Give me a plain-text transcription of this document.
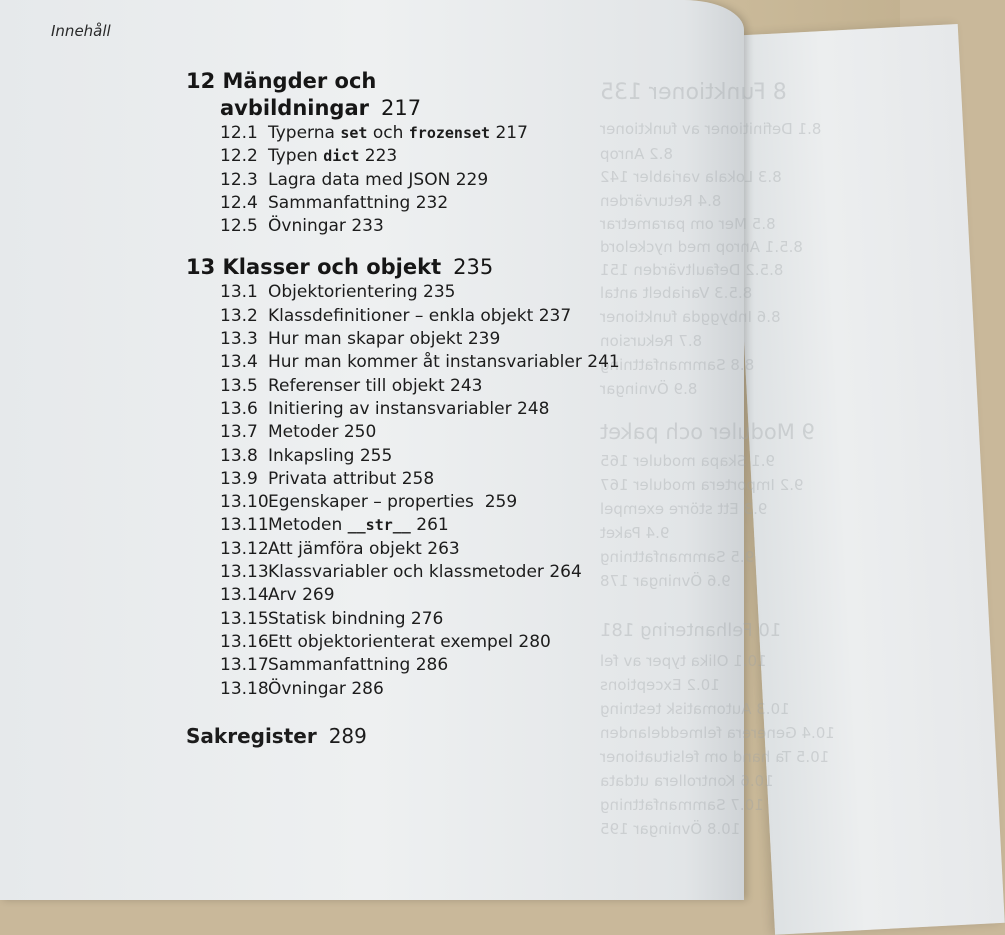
8 Funktioner 135
8.1 Definitioner av funktioner
8.2 Anrop
8.3 Lokala variabler 142
8.4 Returvärden
8.5 Mer om parametrar
8.5.1 Anrop med nyckelord
8.5.2 Defaultvärden 151
8.5.3 Variabelt antal
8.6 Inbyggda funktioner
8.7 Rekursion
8.8 Sammanfattning
8.9 Övningar
9 Moduler och paket
9.1 Skapa moduler 165
9.2 Importera moduler 167
9.3 Ett större exempel
9.4 Paket
9.5 Sammanfattning
9.6 Övningar 178
10 Felhantering 181
10.1 Olika typer av fel
10.2 Exceptions
10.3 Automatisk testning
10.4 Generera felmeddelanden
10.5 Ta hand om felsituationer
10.6 Kontrollera utdata
10.7 Sammanfattning
10.8 Övningar 195
Innehåll
12 Mängder och
avbildningar 217
12.1 Typerna set och frozenset 217
12.2 Typen dict 223
12.3 Lagra data med JSON 229
12.4 Sammanfattning 232
12.5 Övningar 233
13 Klasser och objekt 235
13.1 Objektorientering 235
13.2 Klassdefinitioner – enkla objekt 237
13.3 Hur man skapar objekt 239
13.4 Hur man kommer åt instansvariabler 241
13.5 Referenser till objekt 243
13.6 Initiering av instansvariabler 248
13.7 Metoder 250
13.8 Inkapsling 255
13.9 Privata attribut 258
13.10Egenskaper – properties  259
13.11Metoden __str__ 261
13.12Att jämföra objekt 263
13.13Klassvariabler och klassmetoder 264
13.14Arv 269
13.15Statisk bindning 276
13.16Ett objektorienterat exempel 280
13.17Sammanfattning 286
13.18Övningar 286
Sakregister 289
